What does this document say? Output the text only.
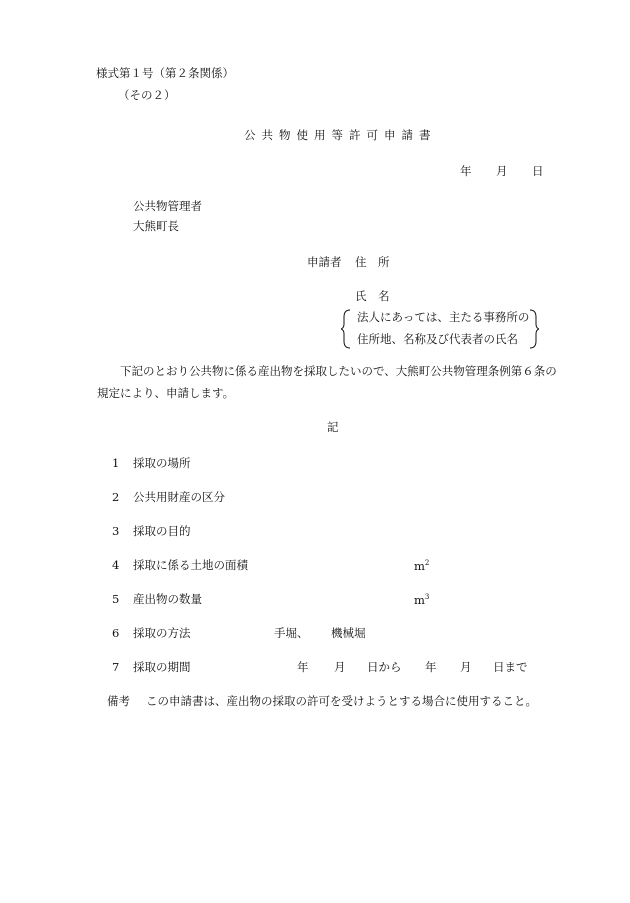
様式第１号（第２条関係）
（その２）
公共物使用等許可申請書
年 月 日
公共物管理者
大熊町長
申請者 住　所
氏　名
法人にあっては、主たる事務所の
住所地、名称及び代表者の氏名
下記のとおり公共物に係る産出物を採取したいので、大熊町公共物管理条例第６条の
規定により、申請します。
記
1 採取の場所
2 公共用財産の区分
3 採取の目的
4 採取に係る土地の面積	$m^2$
5 産出物の数量	$m^3$
6 採取の方法	手堀、 機械堀
7 採取の期間	年 月 日から 年 月 日まで
備考 この申請書は、産出物の採取の許可を受けようとする場合に使用すること。
